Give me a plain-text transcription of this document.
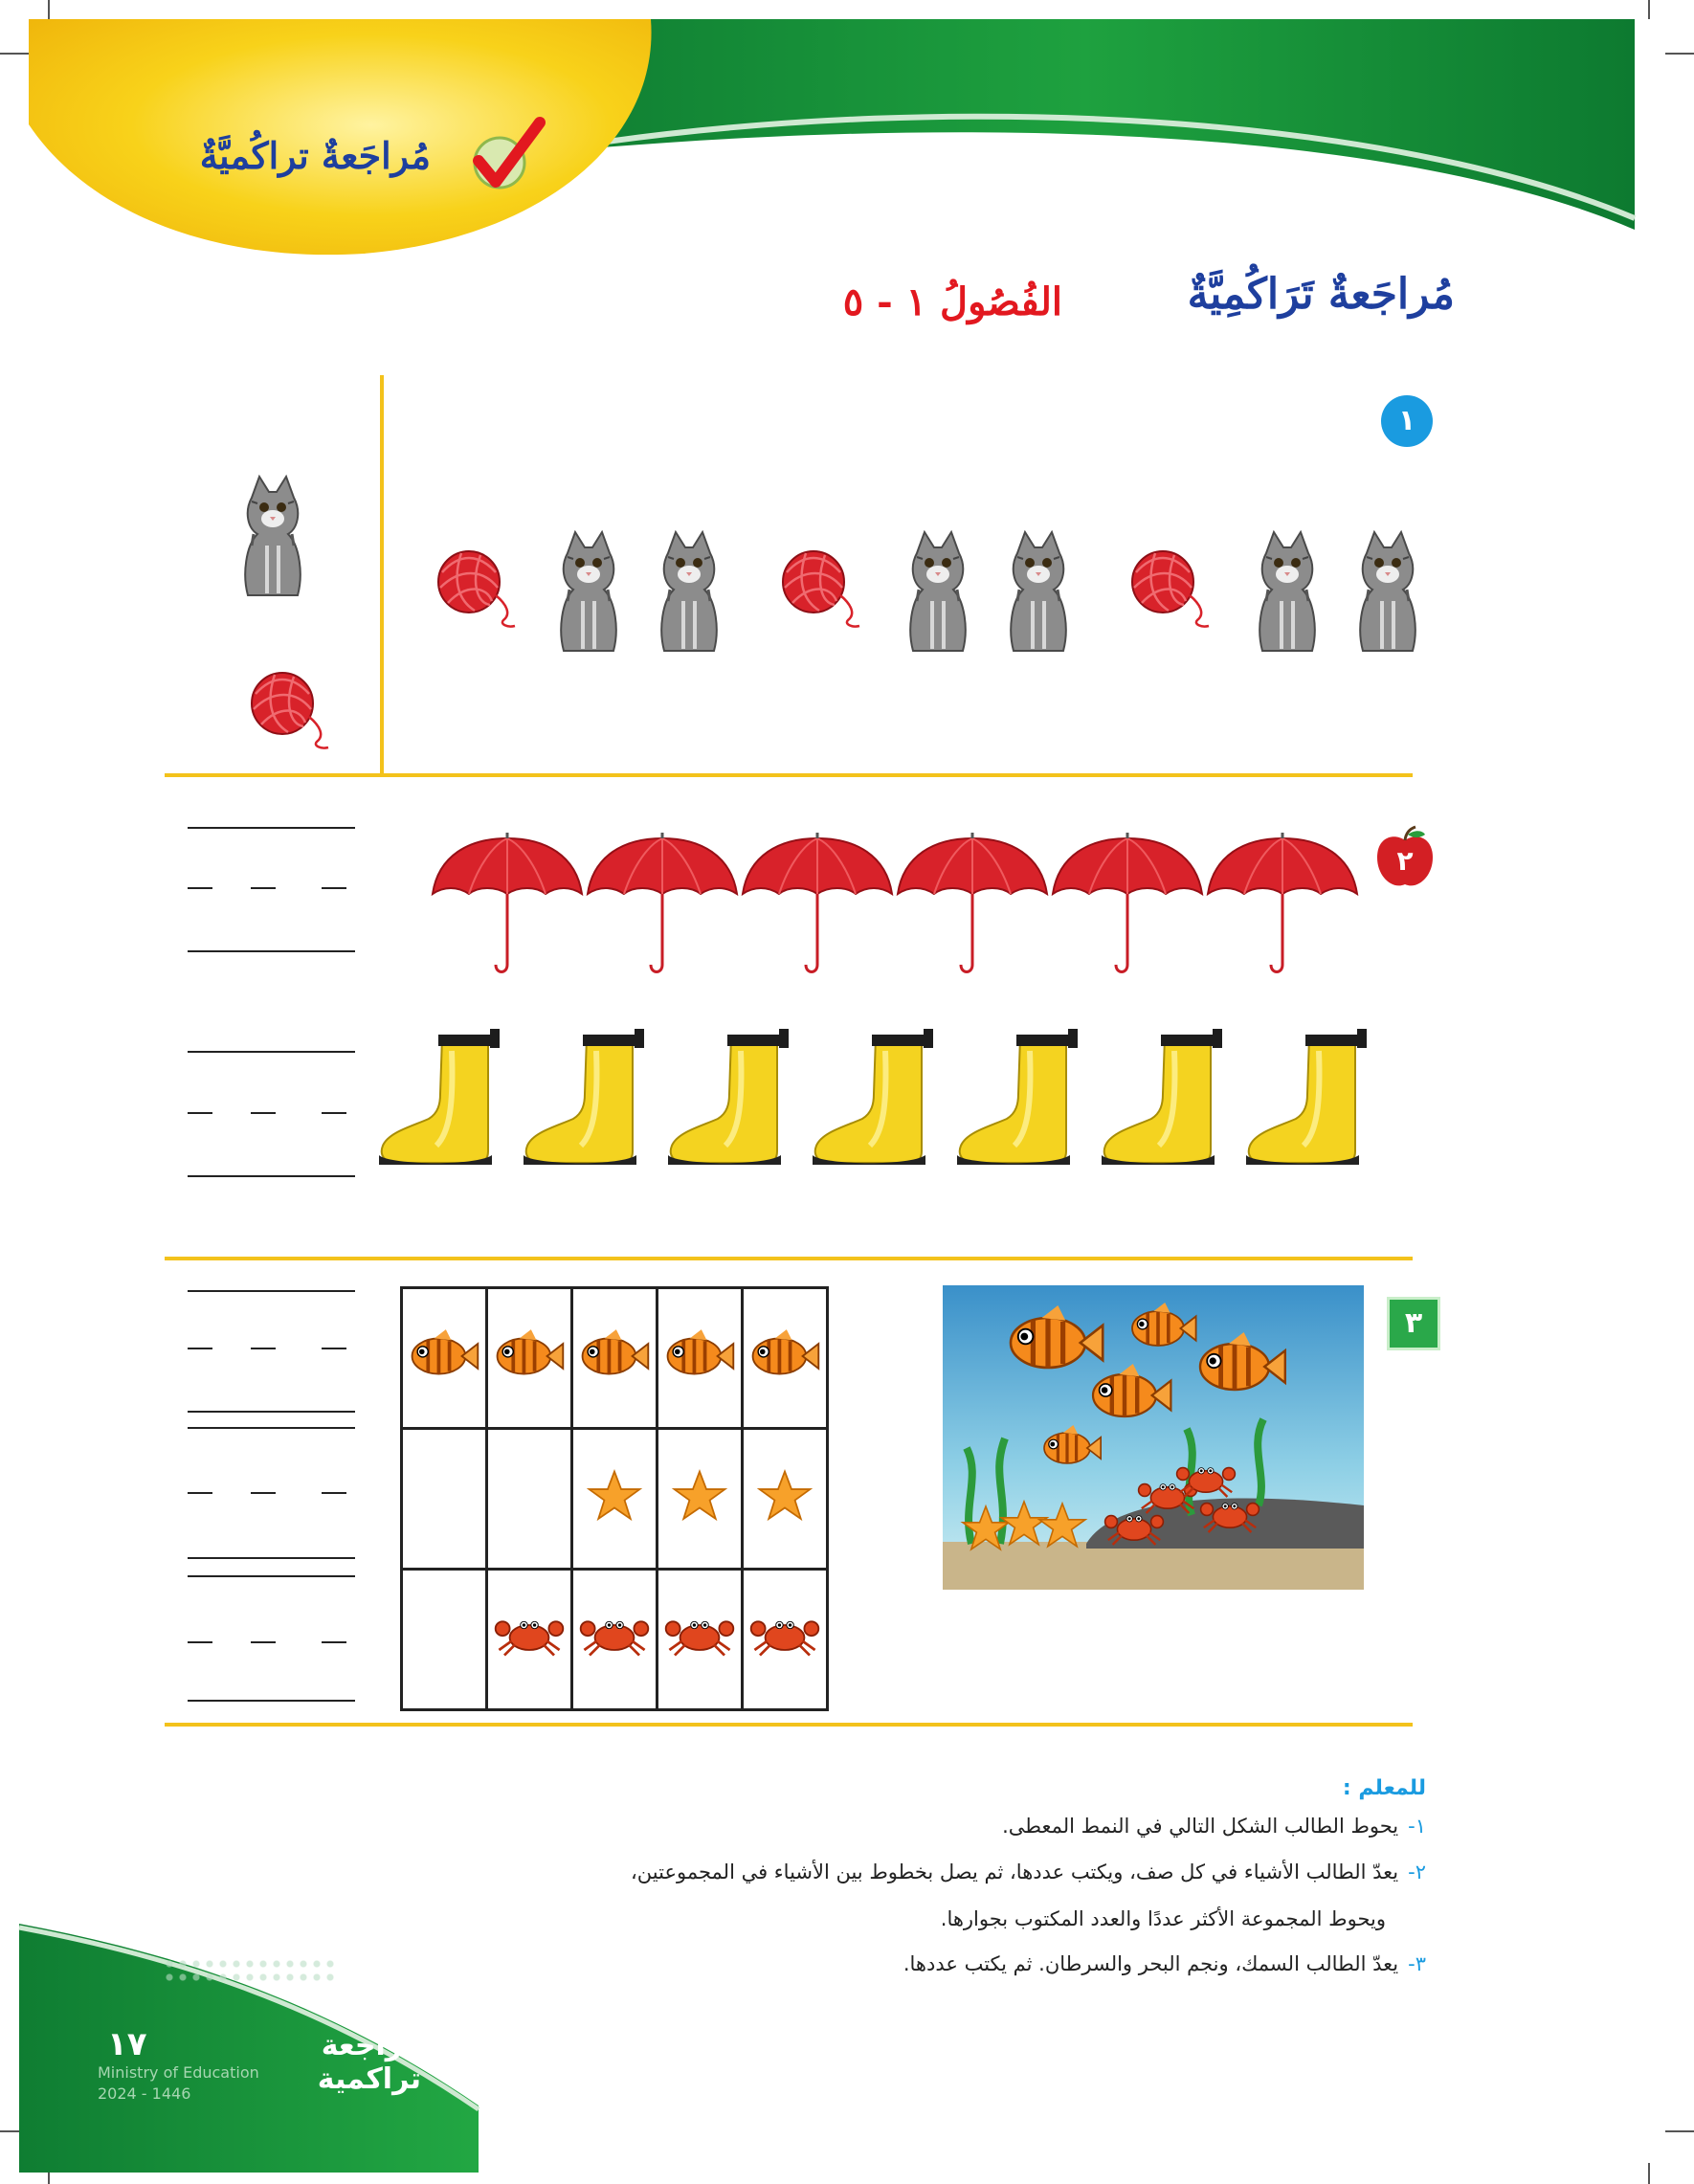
مُراجَعةٌ تراكُميَّةٌ
مُراجَعةٌ تَرَاكُمِيَّةٌ
الفُصُولُ ١ - ٥
١
٢
٣

للمعلم :
١-يحوط الطالب الشكل التالي في النمط المعطى.
٢-يعدّ الطالب الأشياء في كل صف، ويكتب عددها، ثم يصل بخطوط بين الأشياء في المجموعتين،
ويحوط المجموعة الأكثر عددًا والعدد المكتوب بجوارها.
٣-يعدّ الطالب السمك، ونجم البحر والسرطان. ثم يكتب عددها.
مراجعة تراكمية
١٧
Ministry of Education
2024 - 1446
